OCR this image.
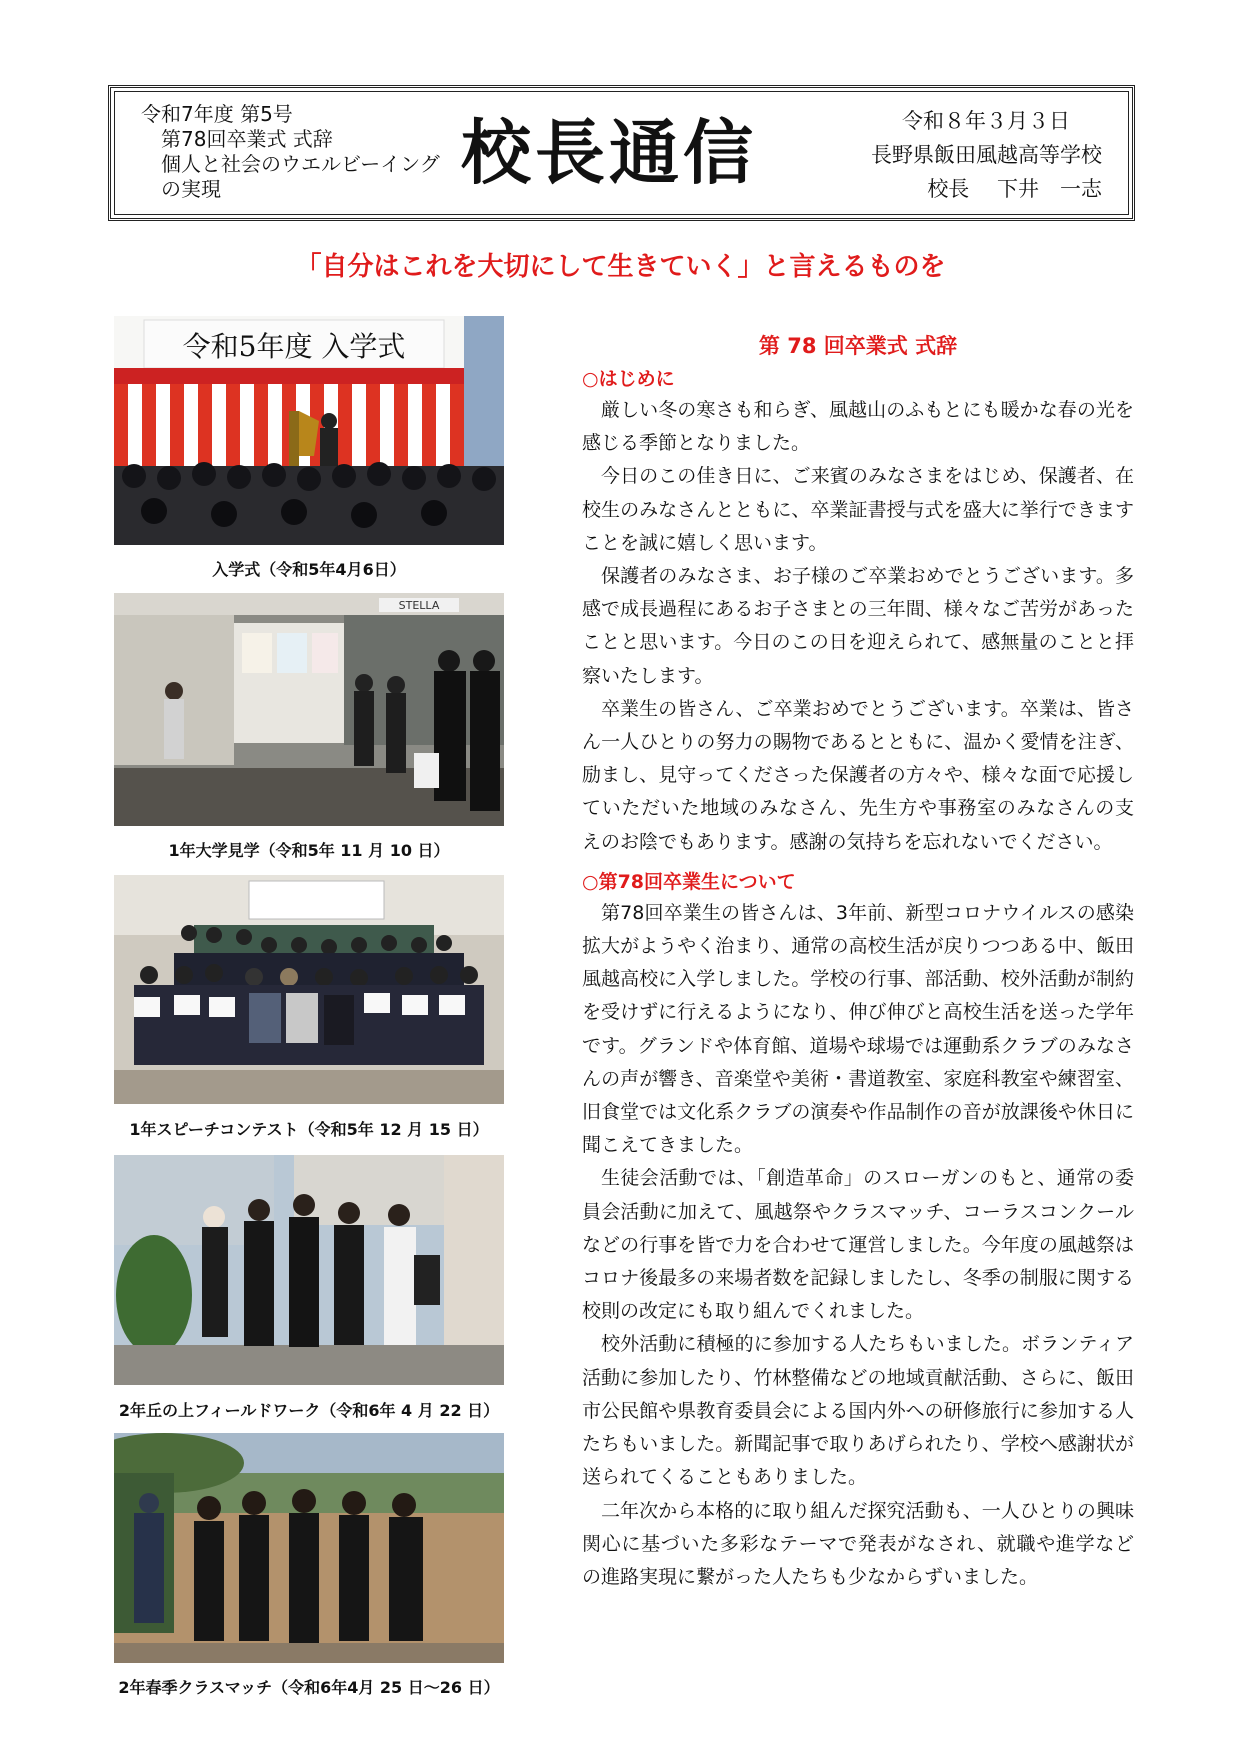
令和7年度 第5号
第78回卒業式 式辞
個人と社会のウエルビーイング
の実現	校長通信	令和８年３月３日
長野県飯田風越高等学校
校長　 下井　一志
「自分はこれを大切にして生きていく」と言えるものを
令和5年度 入学式
入学式（令和5年4月6日）
STELLA
1年大学見学（令和5年 11 月 10 日）
1年スピーチコンテスト（令和5年 12 月 15 日）
2年丘の上フィールドワーク（令和6年 4 月 22 日）
2年春季クラスマッチ（令和6年4月 25 日～26 日）
第 78 回卒業式 式辞
○はじめに

厳しい冬の寒さも和らぎ、風越山のふもとにも暖かな春の光を感じる季節となりました。

今日のこの佳き日に、ご来賓のみなさまをはじめ、保護者、在校生のみなさんとともに、卒業証書授与式を盛大に挙行できますことを誠に嬉しく思います。

保護者のみなさま、お子様のご卒業おめでとうございます。多感で成長過程にあるお子さまとの三年間、様々なご苦労があったことと思います。今日のこの日を迎えられて、感無量のことと拝察いたします。

卒業生の皆さん、ご卒業おめでとうございます。卒業は、皆さん一人ひとりの努力の賜物であるとともに、温かく愛情を注ぎ、励まし、見守ってくださった保護者の方々や、様々な面で応援していただいた地域のみなさん、先生方や事務室のみなさんの支えのお陰でもあります。感謝の気持ちを忘れないでください。

○第78回卒業生について

第78回卒業生の皆さんは、3年前、新型コロナウイルスの感染拡大がようやく治まり、通常の高校生活が戻りつつある中、飯田風越高校に入学しました。学校の行事、部活動、校外活動が制約を受けずに行えるようになり、伸び伸びと高校生活を送った学年です。グランドや体育館、道場や球場では運動系クラブのみなさんの声が響き、音楽堂や美術・書道教室、家庭科教室や練習室、旧食堂では文化系クラブの演奏や作品制作の音が放課後や休日に聞こえてきました。

生徒会活動では、「創造革命」のスローガンのもと、通常の委員会活動に加えて、風越祭やクラスマッチ、コーラスコンクールなどの行事を皆で力を合わせて運営しました。今年度の風越祭はコロナ後最多の来場者数を記録しましたし、冬季の制服に関する校則の改定にも取り組んでくれました。

校外活動に積極的に参加する人たちもいました。ボランティア活動に参加したり、竹林整備などの地域貢献活動、さらに、飯田市公民館や県教育委員会による国内外への研修旅行に参加する人たちもいました。新聞記事で取りあげられたり、学校へ感謝状が送られてくることもありました。

二年次から本格的に取り組んだ探究活動も、一人ひとりの興味関心に基づいた多彩なテーマで発表がなされ、就職や進学などの進路実現に繋がった人たちも少なからずいました。
